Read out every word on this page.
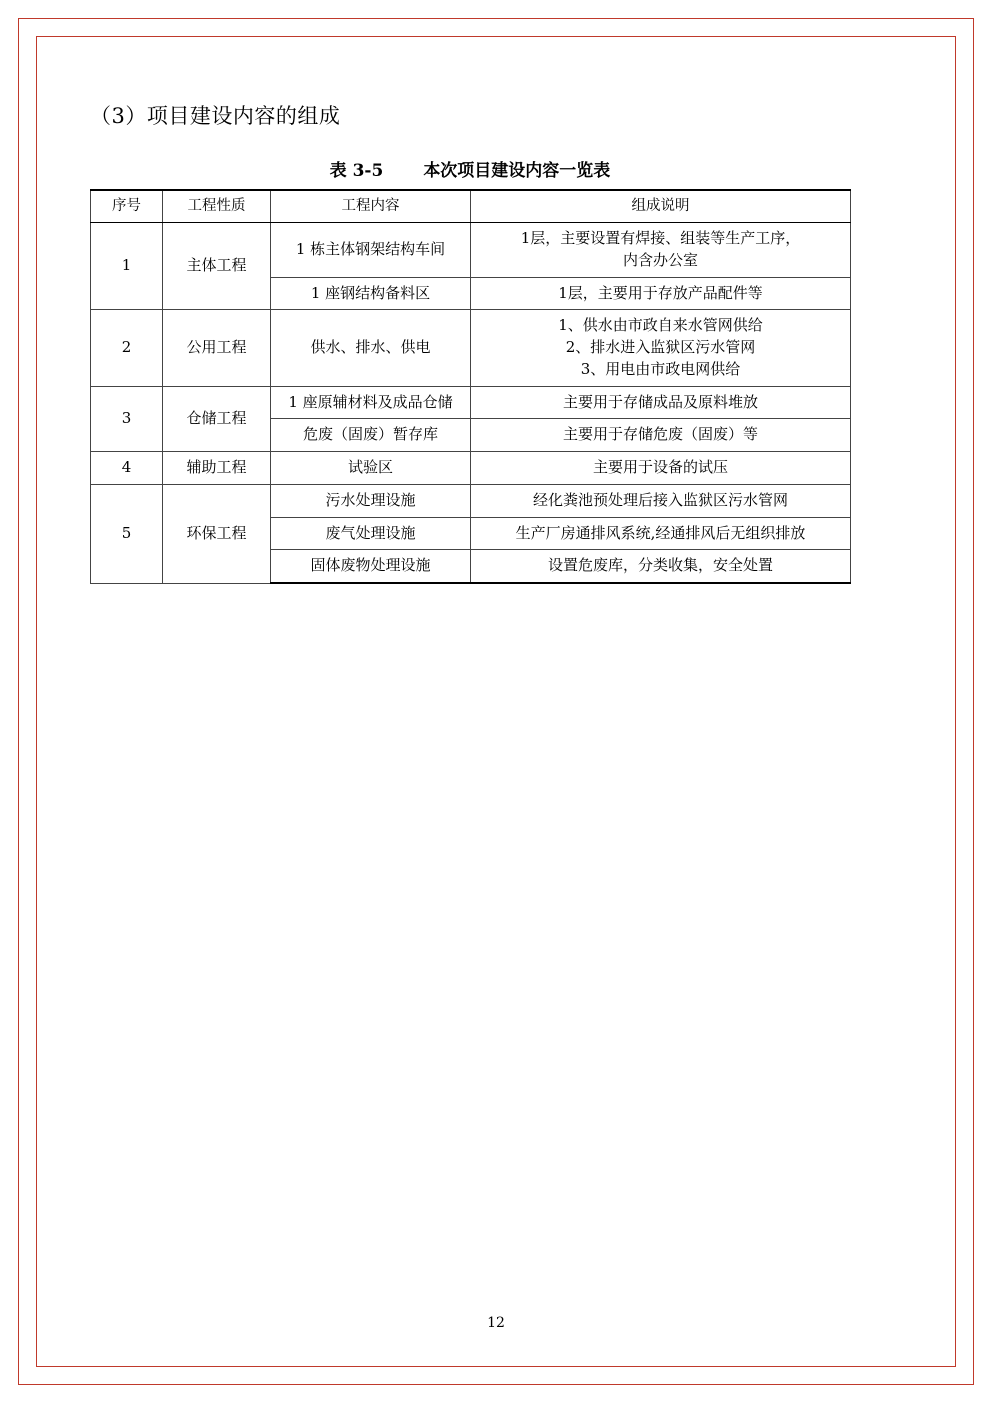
（3）项目建设内容的组成
表 3-5 本次项目建设内容一览表
序号	工程性质	工程内容	组成说明
1	主体工程	1 栋主体钢架结构车间	1层，主要设置有焊接、组装等生产工序，
内含办公室

		1 座钢结构备料区	1层，主要用于存放产品配件等
2	公用工程	供水、排水、供电	1、供水由市政自来水管网供给
2、排水进入监狱区污水管网
3、用电由市政电网供给

3	仓储工程	1 座原辅材料及成品仓储	主要用于存储成品及原料堆放
		危废（固废）暂存库	主要用于存储危废（固废）等
4	辅助工程	试验区	主要用于设备的试压
5	环保工程	污水处理设施	经化粪池预处理后接入监狱区污水管网
		废气处理设施	生产厂房通排风系统,经通排风后无组织排放
		固体废物处理设施	设置危废库，分类收集，安全处置
12
